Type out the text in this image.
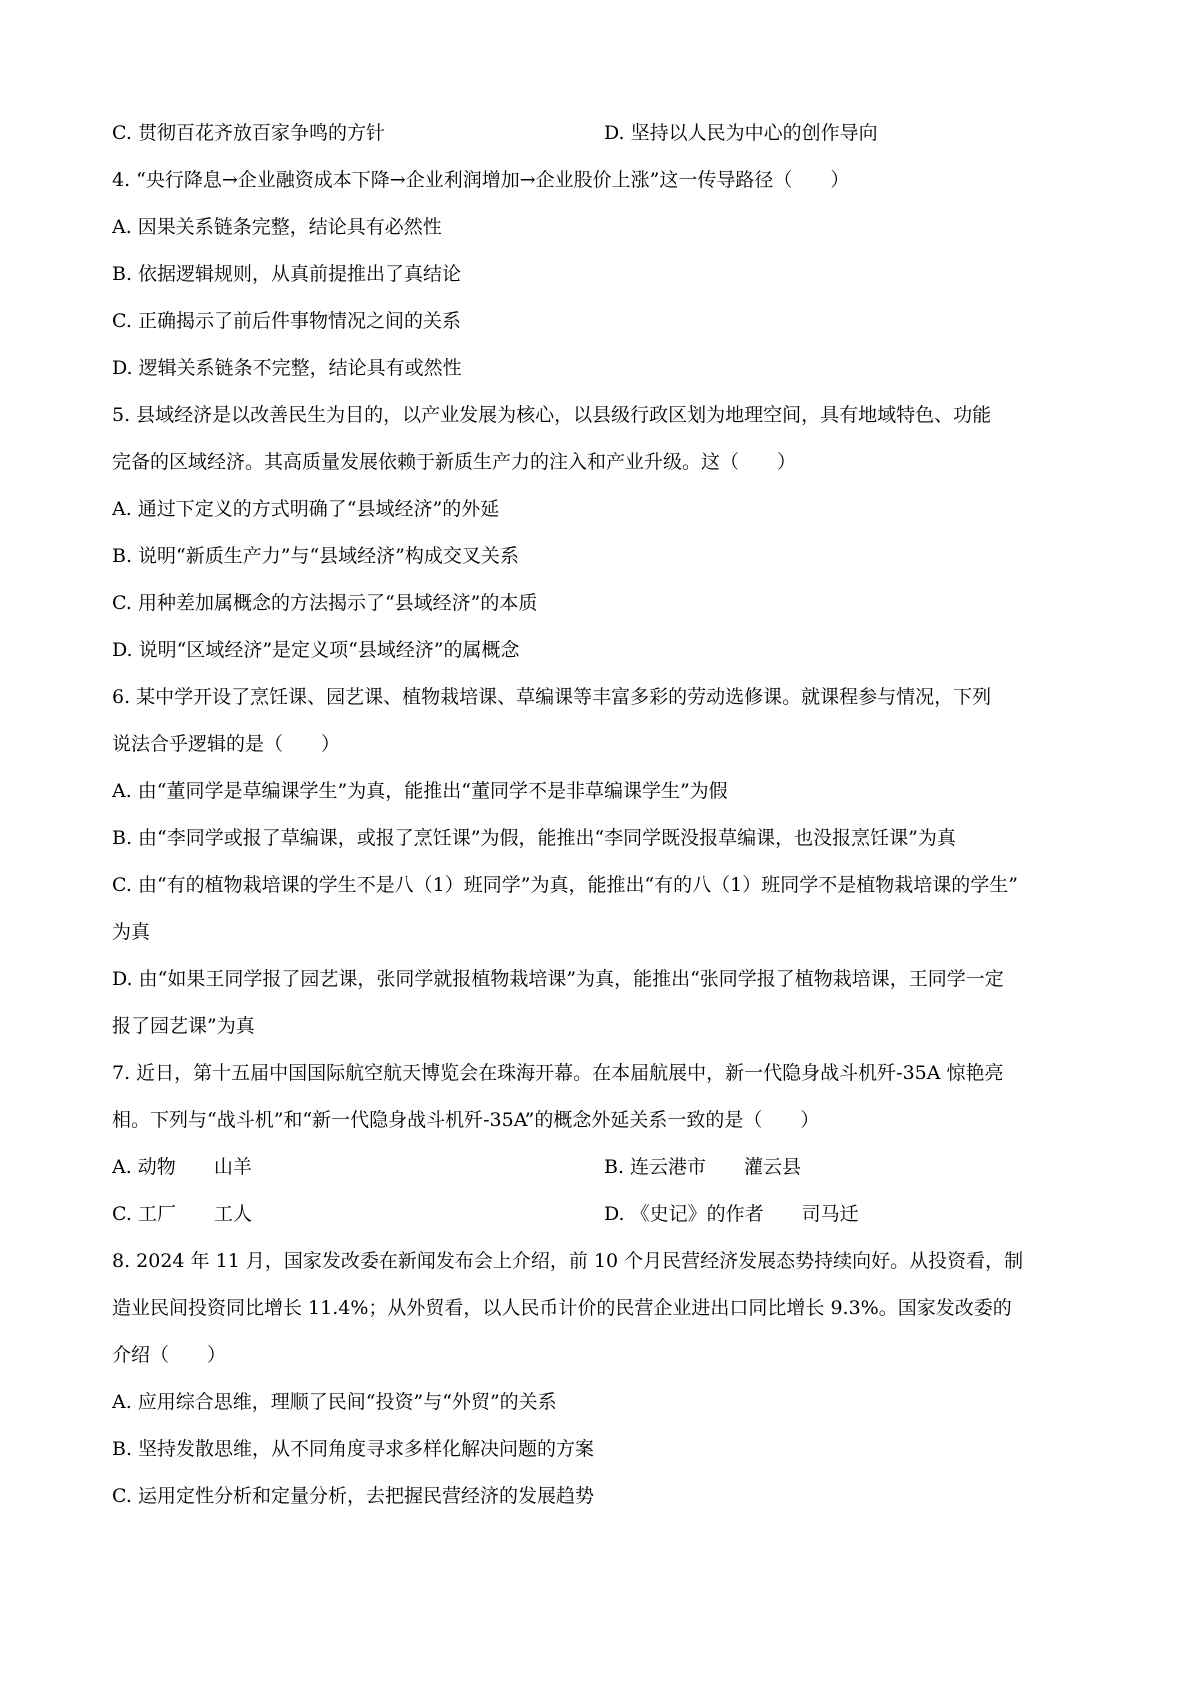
C. 贯彻百花齐放百家争鸣的方针	D. 坚持以人民为中心的创作导向
4. “央行降息→企业融资成本下降→企业利润增加→企业股价上涨”这一传导路径（　　）
A. 因果关系链条完整，结论具有必然性
B. 依据逻辑规则，从真前提推出了真结论
C. 正确揭示了前后件事物情况之间的关系
D. 逻辑关系链条不完整，结论具有或然性
5. 县域经济是以改善民生为目的，以产业发展为核心，以县级行政区划为地理空间，具有地域特色、功能
完备的区域经济。其高质量发展依赖于新质生产力的注入和产业升级。这（　　）
A. 通过下定义的方式明确了“县域经济”的外延
B. 说明“新质生产力”与“县域经济”构成交叉关系
C. 用种差加属概念的方法揭示了“县域经济”的本质
D. 说明“区域经济”是定义项“县域经济”的属概念
6. 某中学开设了烹饪课、园艺课、植物栽培课、草编课等丰富多彩的劳动选修课。就课程参与情况，下列
说法合乎逻辑的是（　　）
A. 由“董同学是草编课学生”为真，能推出“董同学不是非草编课学生”为假
B. 由“李同学或报了草编课，或报了烹饪课”为假，能推出“李同学既没报草编课，也没报烹饪课”为真
C. 由“有的植物栽培课的学生不是八（1）班同学”为真，能推出“有的八（1）班同学不是植物栽培课的学生”
为真
D. 由“如果王同学报了园艺课，张同学就报植物栽培课”为真，能推出“张同学报了植物栽培课，王同学一定
报了园艺课”为真
7. 近日，第十五届中国国际航空航天博览会在珠海开幕。在本届航展中，新一代隐身战斗机歼-35A 惊艳亮
相。下列与“战斗机”和“新一代隐身战斗机歼-35A”的概念外延关系一致的是（　　）
A. 动物 山羊	B. 连云港市 灌云县
C. 工厂 工人	D. 《史记》的作者 司马迁
8. 2024 年 11 月，国家发改委在新闻发布会上介绍，前 10 个月民营经济发展态势持续向好。从投资看，制
造业民间投资同比增长 11.4%；从外贸看，以人民币计价的民营企业进出口同比增长 9.3%。国家发改委的
介绍（　　）
A. 应用综合思维，理顺了民间“投资”与“外贸”的关系
B. 坚持发散思维，从不同角度寻求多样化解决问题的方案
C. 运用定性分析和定量分析，去把握民营经济的发展趋势
